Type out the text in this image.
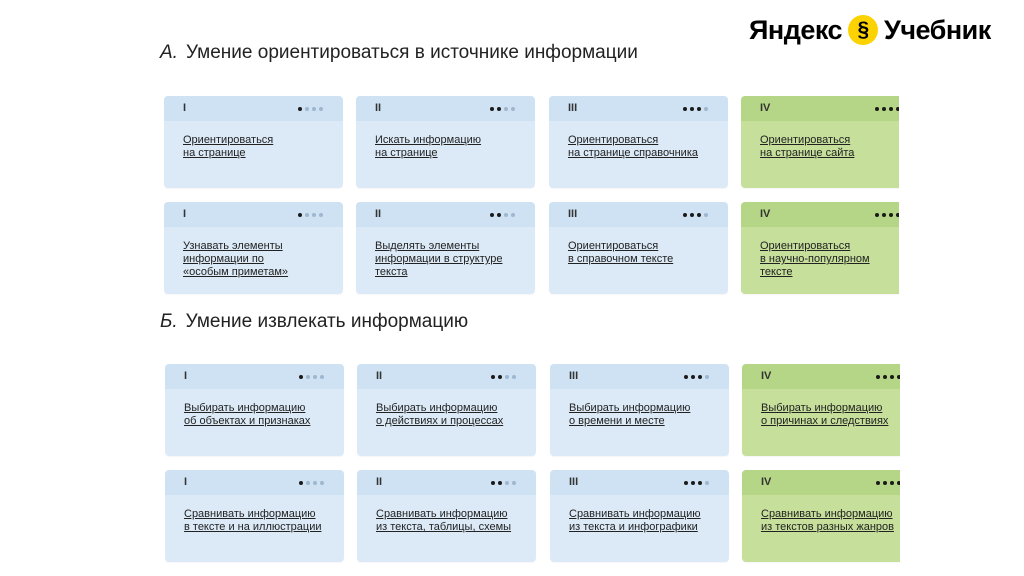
Яндекс § Учебник
А. Умение ориентироваться в источнике информации
Б. Умение извлекать информацию
I
Ориентироваться
на странице
II
Искать информацию
на странице
III
Ориентироваться
на странице справочника
IV
Ориентироваться
на странице сайта
I
Узнавать элементы
информации по
«особым приметам»
II
Выделять элементы
информации в структуре
текста
III
Ориентироваться
в справочном тексте
IV
Ориентироваться
в научно-популярном
тексте
I
Выбирать информацию
об объектах и признаках
II
Выбирать информацию
о действиях и процессах
III
Выбирать информацию
о времени и месте
IV
Выбирать информацию
о причинах и следствиях
I
Сравнивать информацию
в тексте и на иллюстрации
II
Сравнивать информацию
из текста, таблицы, схемы
III
Сравнивать информацию
из текста и инфографики
IV
Сравнивать информацию
из текстов разных жанров
